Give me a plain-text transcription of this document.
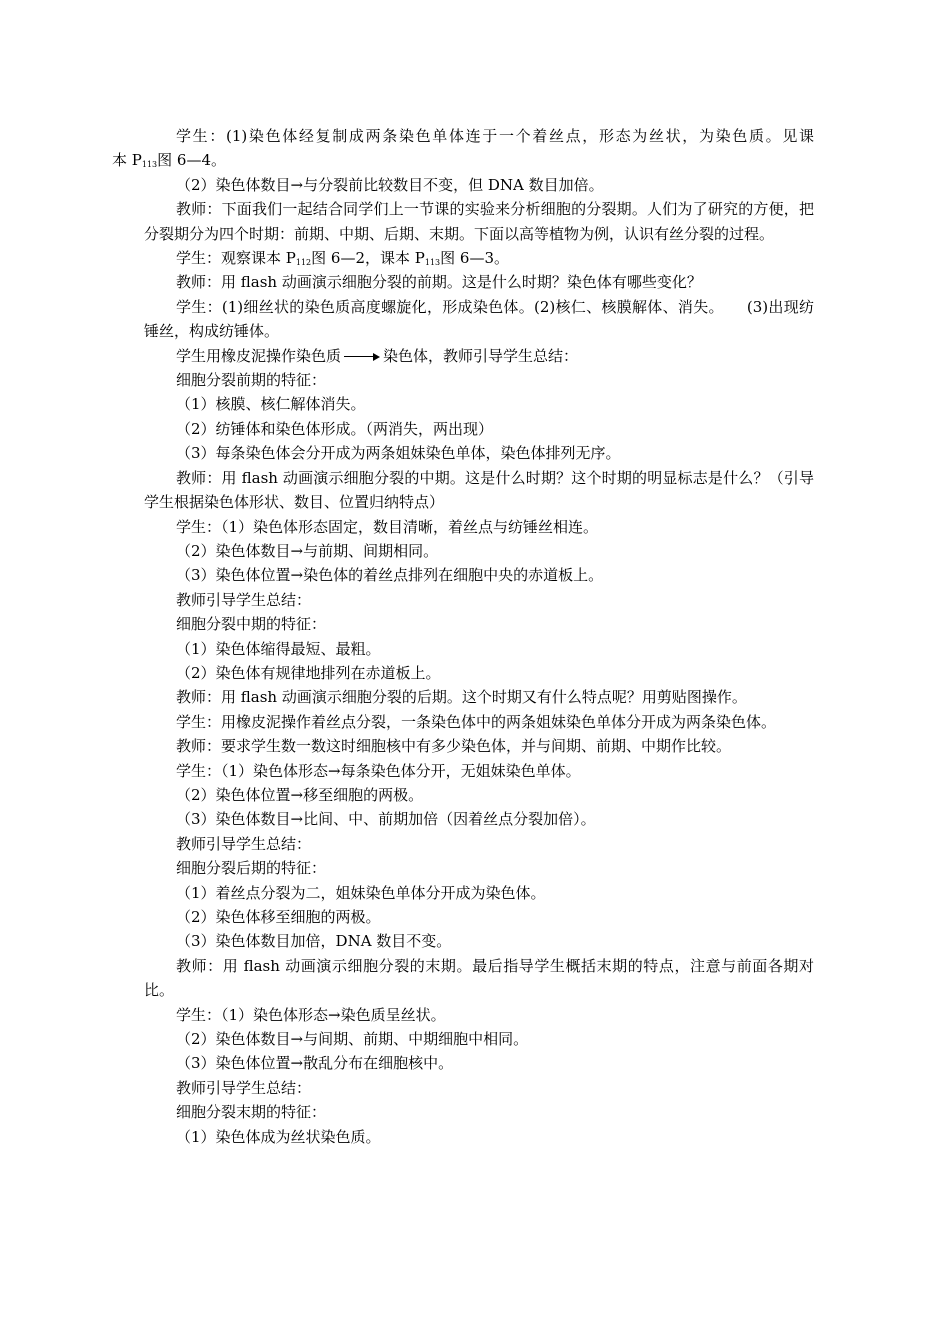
学生：(1)染色体经复制成两条染色单体连于一个着丝点，形态为丝状，为染色质。见课
本 $P_{113}$图 6—4。

（2）染色体数目→与分裂前比较数目不变，但 DNA 数目加倍。

教师：下面我们一起结合同学们上一节课的实验来分析细胞的分裂期。人们为了研究的方便，把分裂期分为四个时期：前期、中期、后期、末期。下面以高等植物为例，认识有丝分裂的过程。

学生：观察课本 $P_{112}$图 6—2，课本 $P_{113}$图 6—3。

教师：用 flash 动画演示细胞分裂的前期。这是什么时期？染色体有哪些变化？

学生：(1)细丝状的染色质高度螺旋化，形成染色体。(2)核仁、核膜解体、消失。　　(3)出现纺锤丝，构成纺锤体。

学生用橡皮泥操作染色质	染色体，教师引导学生总结：

细胞分裂前期的特征：

（1）核膜、核仁解体消失。

（2）纺锤体和染色体形成。（两消失，两出现）

（3）每条染色体会分开成为两条姐妹染色单体，染色体排列无序。

教师：用 flash 动画演示细胞分裂的中期。这是什么时期？这个时期的明显标志是什么？（引导学生根据染色体形状、数目、位置归纳特点）

学生：（1）染色体形态固定，数目清晰，着丝点与纺锤丝相连。

（2）染色体数目→与前期、间期相同。

（3）染色体位置→染色体的着丝点排列在细胞中央的赤道板上。

教师引导学生总结：

细胞分裂中期的特征：

（1）染色体缩得最短、最粗。

（2）染色体有规律地排列在赤道板上。

教师：用 flash 动画演示细胞分裂的后期。这个时期又有什么特点呢？用剪贴图操作。

学生：用橡皮泥操作着丝点分裂，一条染色体中的两条姐妹染色单体分开成为两条染色体。

教师：要求学生数一数这时细胞核中有多少染色体，并与间期、前期、中期作比较。

学生：（1）染色体形态→每条染色体分开，无姐妹染色单体。

（2）染色体位置→移至细胞的两极。

（3）染色体数目→比间、中、前期加倍（因着丝点分裂加倍）。

教师引导学生总结：

细胞分裂后期的特征：

（1）着丝点分裂为二，姐妹染色单体分开成为染色体。

（2）染色体移至细胞的两极。

（3）染色体数目加倍，DNA 数目不变。

教师：用 flash 动画演示细胞分裂的末期。最后指导学生概括末期的特点，注意与前面各期对比。

学生：（1）染色体形态→染色质呈丝状。

（2）染色体数目→与间期、前期、中期细胞中相同。

（3）染色体位置→散乱分布在细胞核中。

教师引导学生总结：

细胞分裂末期的特征：

（1）染色体成为丝状染色质。
